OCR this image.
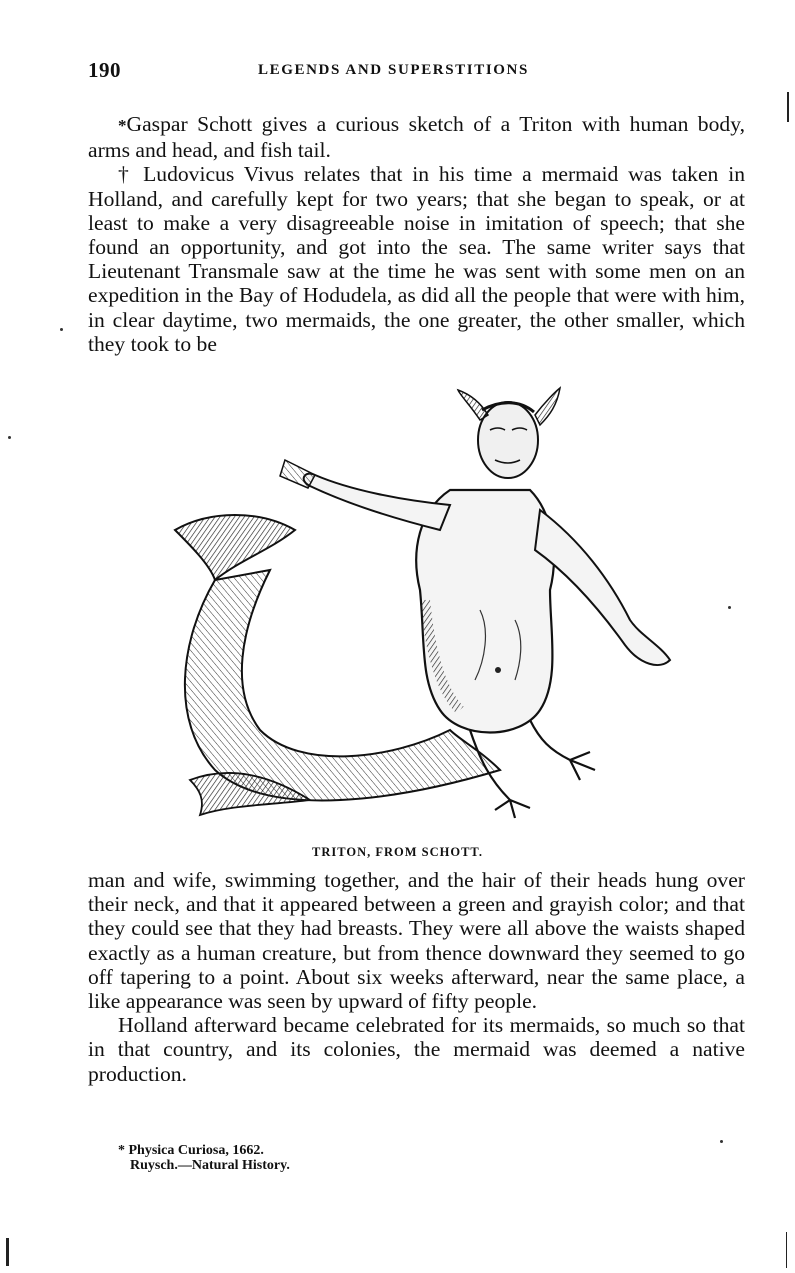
190	LEGENDS AND SUPERSTITIONS

*Gaspar Schott gives a curious sketch of a Triton with human body, arms and head, and fish tail.

† Ludovicus Vivus relates that in his time a mermaid was taken in Holland, and carefully kept for two years; that she began to speak, or at least to make a very disagreeable noise in imitation of speech; that she found an opportunity, and got into the sea. The same writer says that Lieutenant Transmale saw at the time he was sent with some men on an expedition in the Bay of Hodudela, as did all the people that were with him, in clear daytime, two mermaids, the one greater, the other smaller, which they took to be

TRITON, FROM SCHOTT.

man and wife, swimming together, and the hair of their heads hung over their neck, and that it appeared between a green and grayish color; and that they could see that they had breasts. They were all above the waists shaped exactly as a human creature, but from thence downward they seemed to go off tapering to a point. About six weeks afterward, near the same place, a like appearance was seen by upward of fifty people.

Holland afterward became celebrated for its mermaids, so much so that in that country, and its colonies, the mermaid was deemed a native production.

* Physica Curiosa, 1662.
Ruysch.—Natural History.
